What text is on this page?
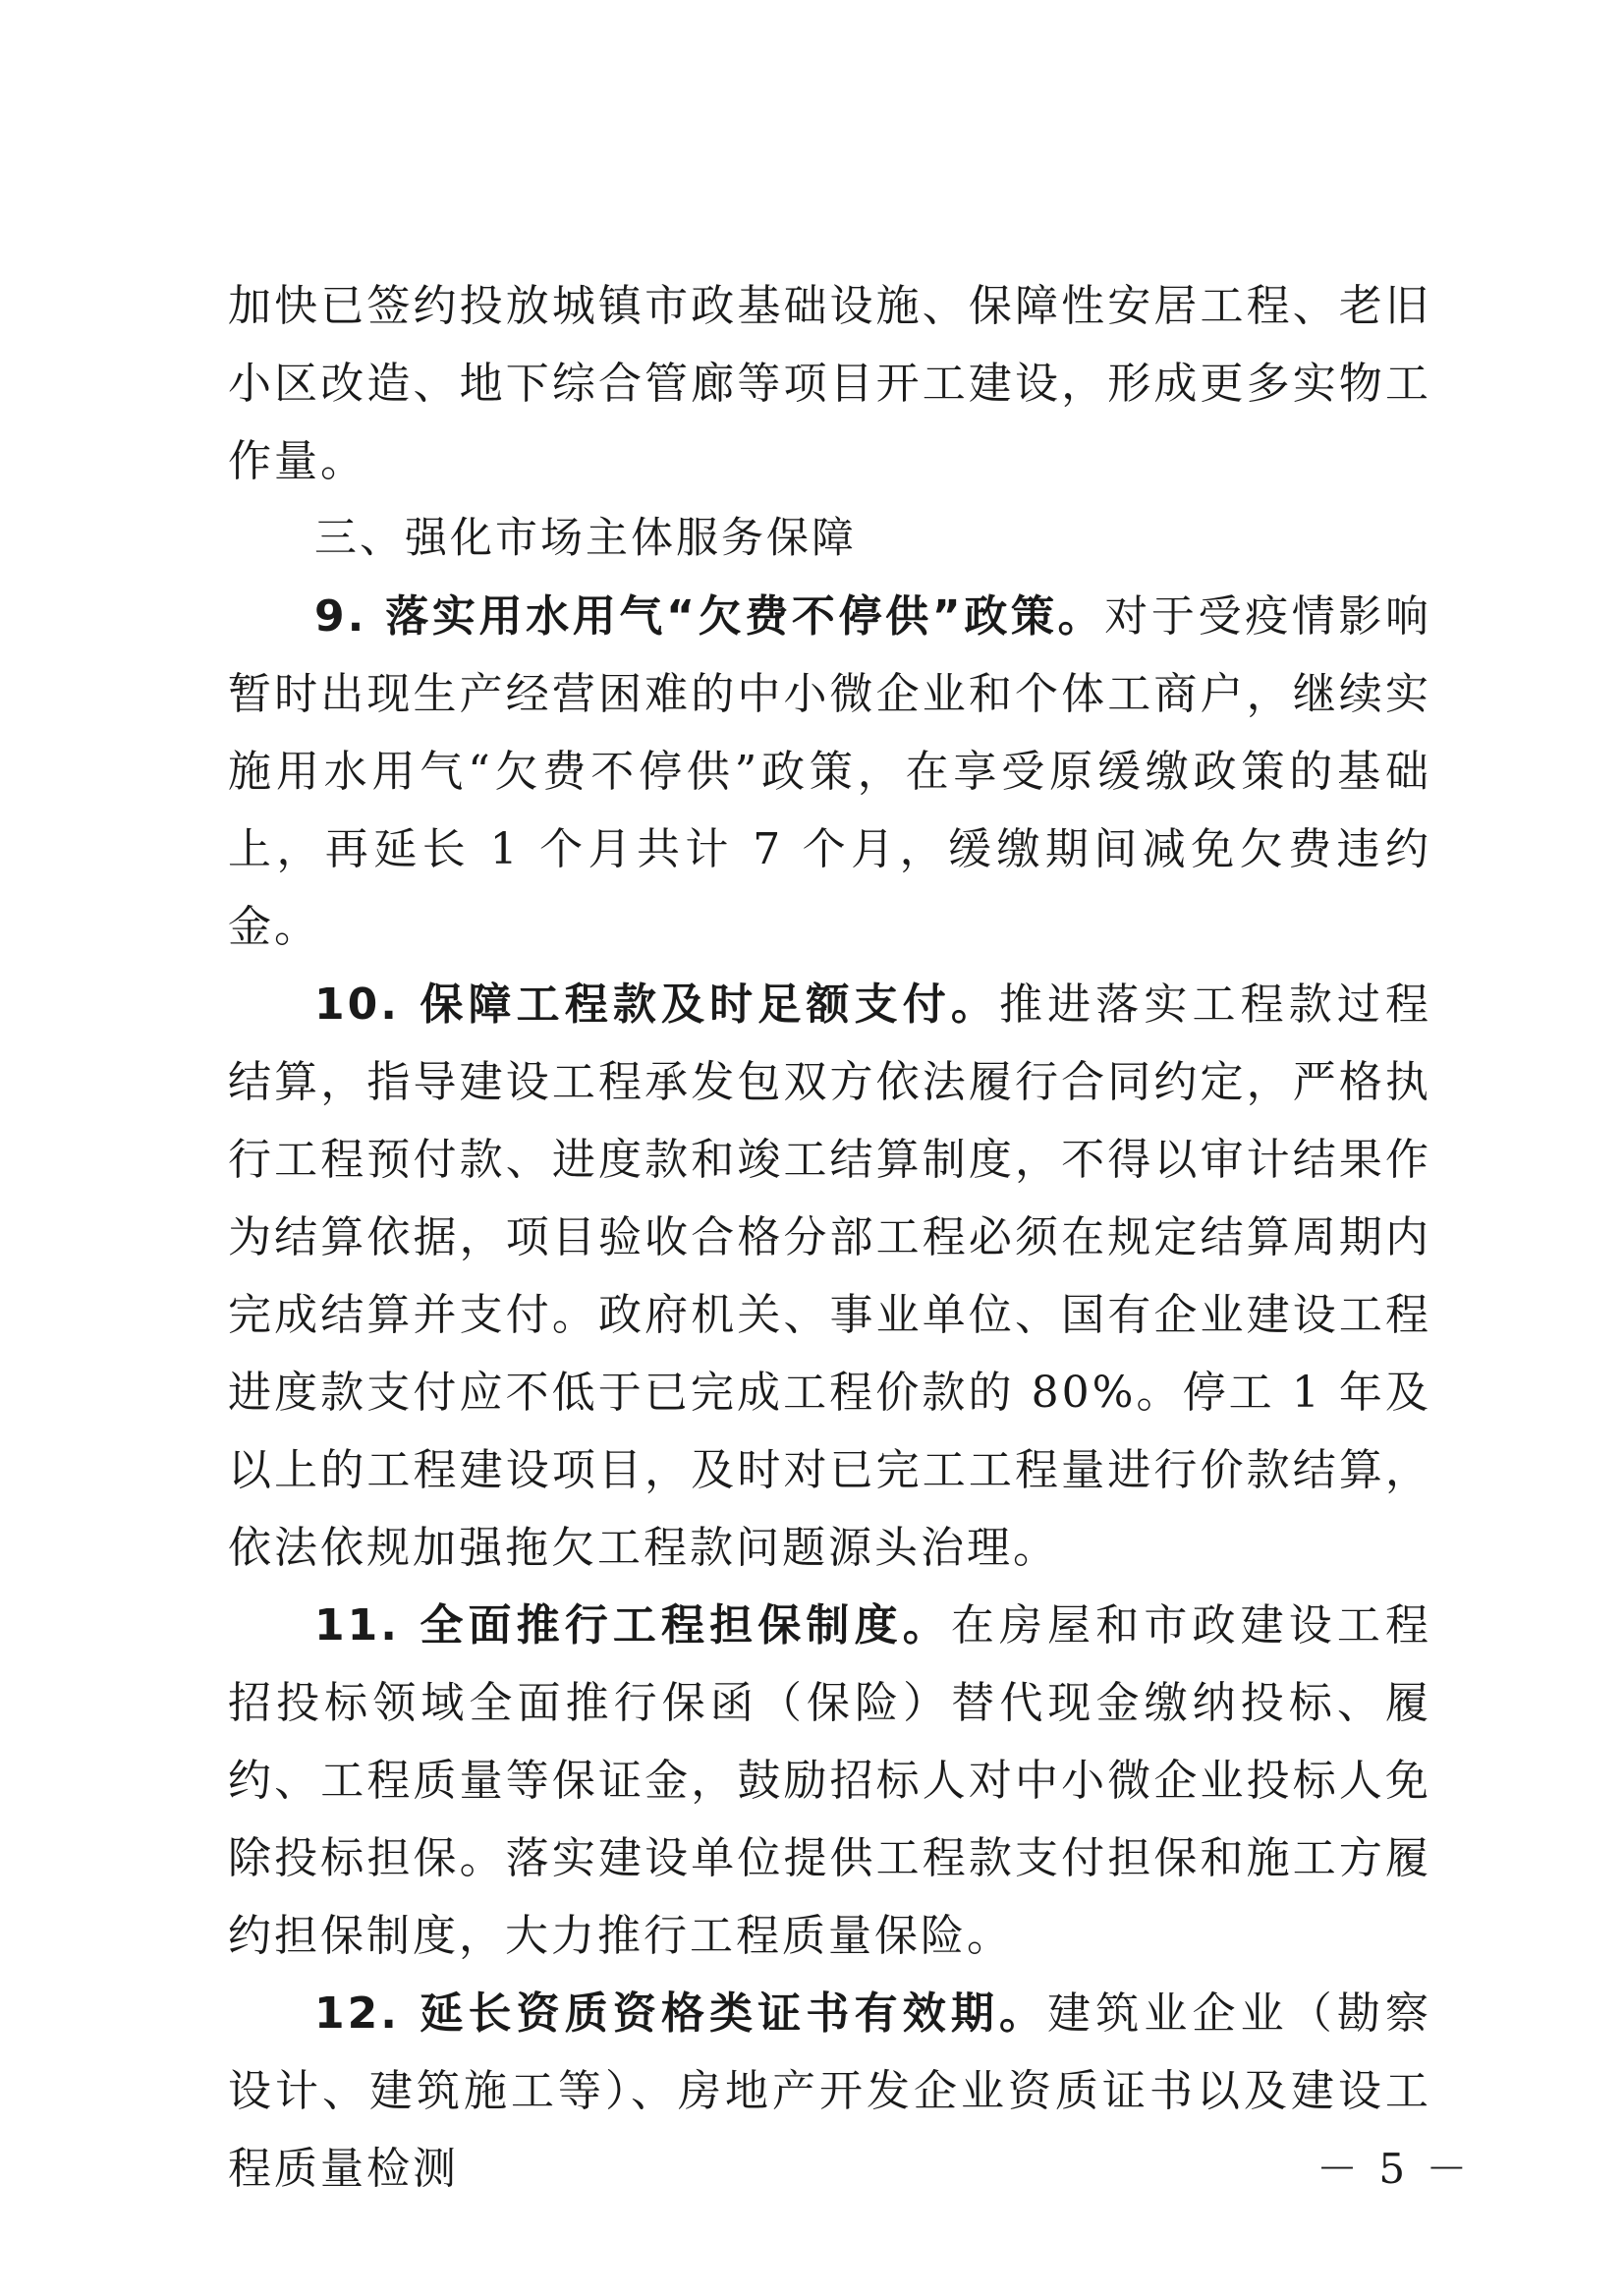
加快已签约投放城镇市政基础设施、保障性安居工程、老旧小区改造、地下综合管廊等项目开工建设，形成更多实物工作量。

三、强化市场主体服务保障

9. 落实用水用气“欠费不停供”政策。对于受疫情影响暂时出现生产经营困难的中小微企业和个体工商户，继续实施用水用气“欠费不停供”政策，在享受原缓缴政策的基础上，再延长 1 个月共计 7 个月，缓缴期间减免欠费违约金。

10. 保障工程款及时足额支付。推进落实工程款过程结算，指导建设工程承发包双方依法履行合同约定，严格执行工程预付款、进度款和竣工结算制度，不得以审计结果作为结算依据，项目验收合格分部工程必须在规定结算周期内完成结算并支付。政府机关、事业单位、国有企业建设工程进度款支付应不低于已完成工程价款的 80%。停工 1 年及以上的工程建设项目，及时对已完工工程量进行价款结算，依法依规加强拖欠工程款问题源头治理。

11. 全面推行工程担保制度。在房屋和市政建设工程招投标领域全面推行保函（保险）替代现金缴纳投标、履约、工程质量等保证金，鼓励招标人对中小微企业投标人免除投标担保。落实建设单位提供工程款支付担保和施工方履约担保制度，大力推行工程质量保险。

12. 延长资质资格类证书有效期。建筑业企业（勘察设计、建筑施工等）、房地产开发企业资质证书以及建设工程质量检测	－ 5 －
